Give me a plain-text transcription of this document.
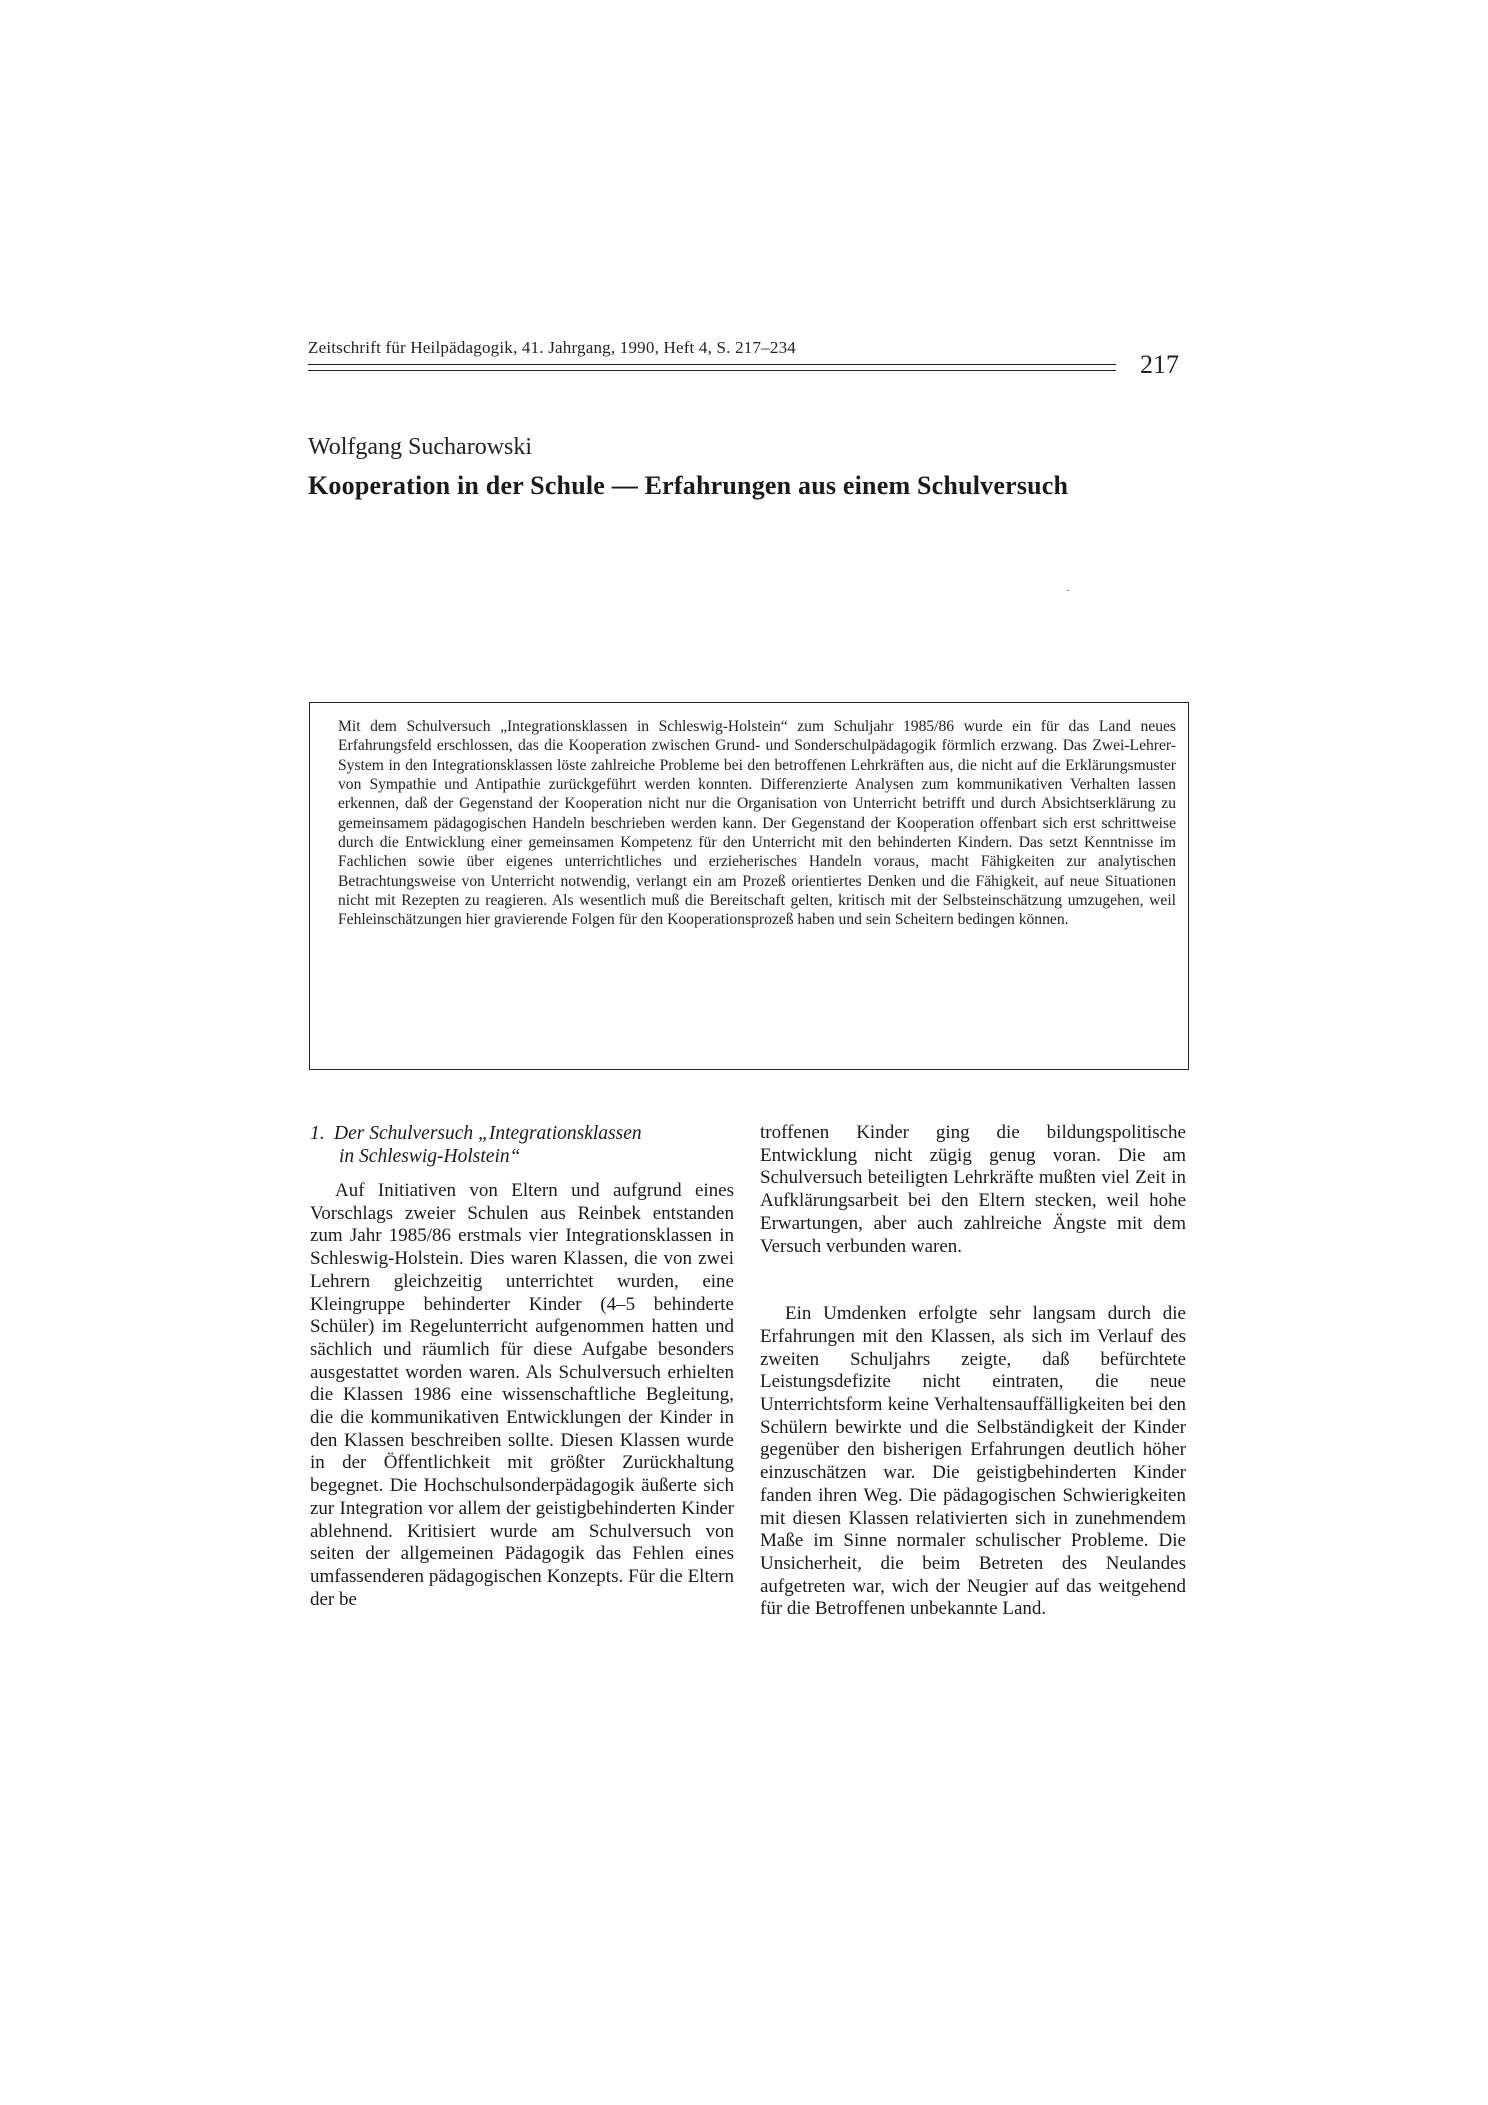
Zeitschrift für Heilpädagogik, 41. Jahrgang, 1990, Heft 4, S. 217–234
217
Wolfgang Sucharowski
Kooperation in der Schule — Erfahrungen aus einem Schulversuch
Mit dem Schulversuch „Integrationsklassen in Schleswig-Holstein“ zum Schuljahr 1985/86 wurde ein für das Land neues Erfahrungsfeld erschlossen, das die Kooperation zwischen Grund- und Sonderschulpädagogik förmlich erzwang. Das Zwei-Lehrer-System in den Integrationsklassen löste zahlreiche Probleme bei den betroffenen Lehrkräften aus, die nicht auf die Erklärungsmuster von Sympathie und Antipathie zurückgeführt werden konnten. Differenzierte Analysen zum kommunikativen Verhalten lassen erkennen, daß der Gegenstand der Kooperation nicht nur die Organisation von Unterricht betrifft und durch Absichtserklärung zu gemeinsamem pädagogischen Handeln beschrieben werden kann. Der Gegenstand der Kooperation offenbart sich erst schrittweise durch die Entwicklung einer gemeinsamen Kompetenz für den Unterricht mit den behinderten Kindern. Das setzt Kenntnisse im Fachlichen sowie über eigenes unterrichtliches und erzieherisches Handeln voraus, macht Fähigkeiten zur analytischen Betrachtungsweise von Unterricht notwendig, verlangt ein am Prozeß orientiertes Denken und die Fähigkeit, auf neue Situationen nicht mit Rezepten zu reagieren. Als wesentlich muß die Bereitschaft gelten, kritisch mit der Selbsteinschätzung umzugehen, weil Fehleinschätzungen hier gravierende Folgen für den Kooperationsprozeß haben und sein Scheitern bedingen können.
1. Der Schulversuch „Integrationsklassen
in Schleswig-Holstein“

Auf Initiativen von Eltern und aufgrund eines Vorschlags zweier Schulen aus Reinbek entstanden zum Jahr 1985/86 erstmals vier Integrationsklassen in Schleswig-Holstein. Dies waren Klassen, die von zwei Lehrern gleichzeitig unterrichtet wurden, eine Kleingruppe behinderter Kinder (4–5 behinderte Schüler) im Regelunterricht aufgenommen hatten und sächlich und räumlich für diese Aufgabe besonders ausgestattet worden waren. Als Schulversuch erhielten die Klassen 1986 eine wissenschaftliche Begleitung, die die kommunikativen Entwicklungen der Kinder in den Klassen beschreiben sollte. Diesen Klassen wurde in der Öffentlichkeit mit größter Zurückhaltung begegnet. Die Hochschulsonderpädagogik äußerte sich zur Integration vor allem der geistigbehinderten Kinder ablehnend. Kritisiert wurde am Schulversuch von seiten der allgemeinen Pädagogik das Fehlen eines umfassenderen pädagogischen Konzepts. Für die Eltern der be

troffenen Kinder ging die bildungspolitische Entwicklung nicht zügig genug voran. Die am Schulversuch beteiligten Lehrkräfte mußten viel Zeit in Aufklärungsarbeit bei den Eltern stecken, weil hohe Erwartungen, aber auch zahlreiche Ängste mit dem Versuch verbunden waren.

Ein Umdenken erfolgte sehr langsam durch die Erfahrungen mit den Klassen, als sich im Verlauf des zweiten Schuljahrs zeigte, daß befürchtete Leistungsdefizite nicht eintraten, die neue Unterrichtsform keine Verhaltensauffälligkeiten bei den Schülern bewirkte und die Selbständigkeit der Kinder gegenüber den bisherigen Erfahrungen deutlich höher einzuschätzen war. Die geistigbehinderten Kinder fanden ihren Weg. Die pädagogischen Schwierigkeiten mit diesen Klassen relativierten sich in zunehmendem Maße im Sinne normaler schulischer Probleme. Die Unsicherheit, die beim Betreten des Neulandes aufgetreten war, wich der Neugier auf das weitgehend für die Betroffenen unbekannte Land.
